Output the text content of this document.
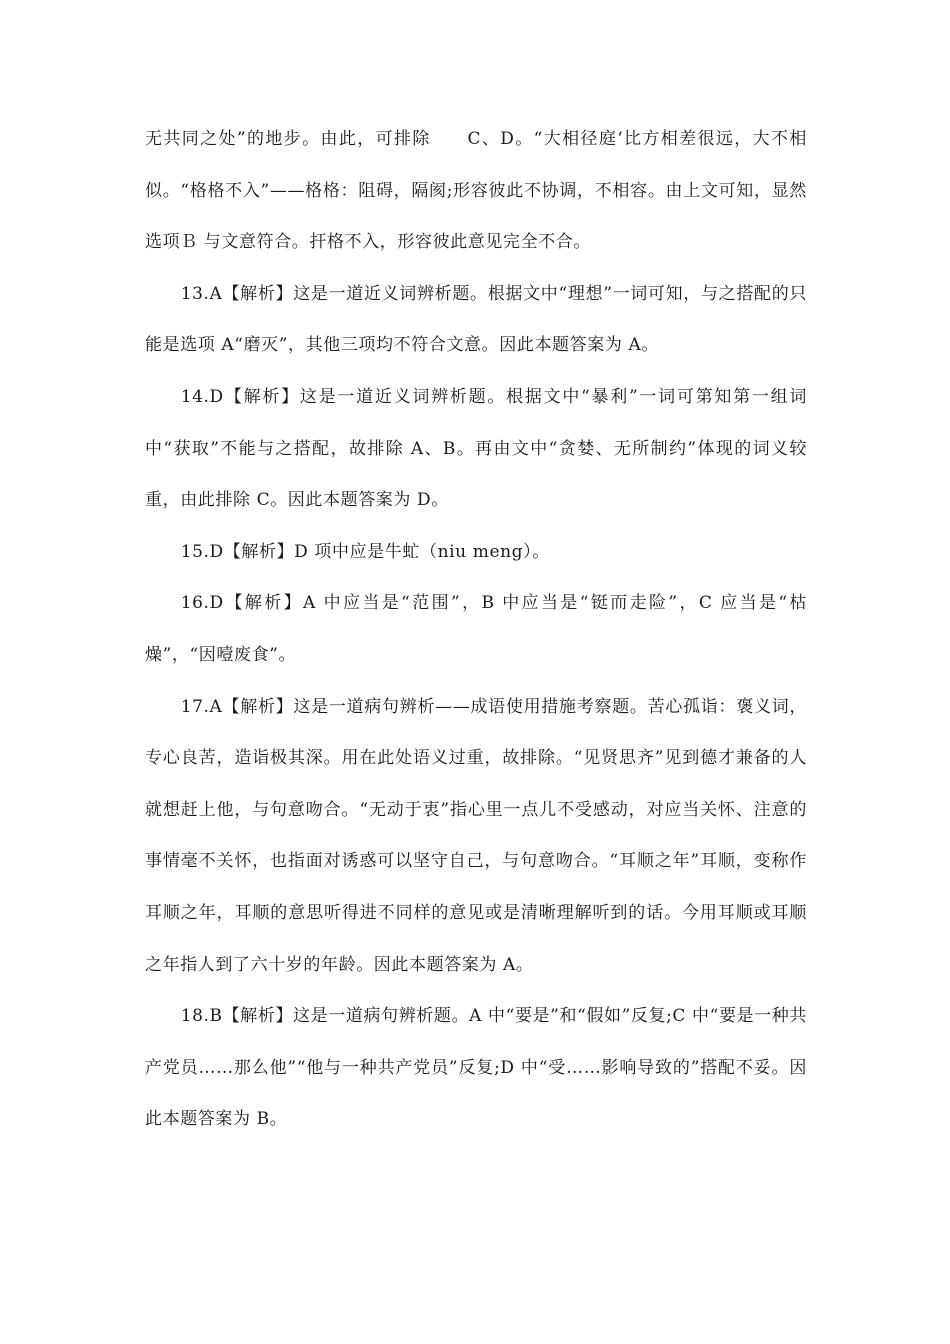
无共同之处”的地步。由此，可排除　　C、D。“大相径庭‘比方相差很远，大不相似。“格格不入”——格格：阻碍，隔阂;形容彼此不协调，不相容。由上文可知，显然选项Ｂ 与文意符合。扞格不入，形容彼此意见完全不合。

13.A【解析】这是一道近义词辨析题。根据文中“理想”一词可知，与之搭配的只能是选项 A“磨灭”，其他三项均不符合文意。因此本题答案为 A。

14.D【解析】这是一道近义词辨析题。根据文中“暴利”一词可第知第一组词中“获取”不能与之搭配，故排除 A、B。再由文中“贪婪、无所制约”体现的词义较重，由此排除 C。因此本题答案为 D。

15.D【解析】D 项中应是牛虻（niu meng）。

16.D【解析】A 中应当是“范围”，B 中应当是“铤而走险”，C 应当是“枯燥”，“因噎废食”。

17.A【解析】这是一道病句辨析——成语使用措施考察题。苦心孤诣：褒义词，专心良苦，造诣极其深。用在此处语义过重，故排除。“见贤思齐”见到德才兼备的人就想赶上他，与句意吻合。“无动于衷”指心里一点儿不受感动，对应当关怀、注意的事情毫不关怀，也指面对诱惑可以坚守自己，与句意吻合。“耳顺之年”耳顺，变称作耳顺之年，耳顺的意思听得进不同样的意见或是清晰理解听到的话。今用耳顺或耳顺之年指人到了六十岁的年龄。因此本题答案为 A。

18.B【解析】这是一道病句辨析题。A 中“要是”和“假如”反复;C 中“要是一种共产党员……那么他”“他与一种共产党员”反复;D 中“受……影响导致的”搭配不妥。因此本题答案为 B。
